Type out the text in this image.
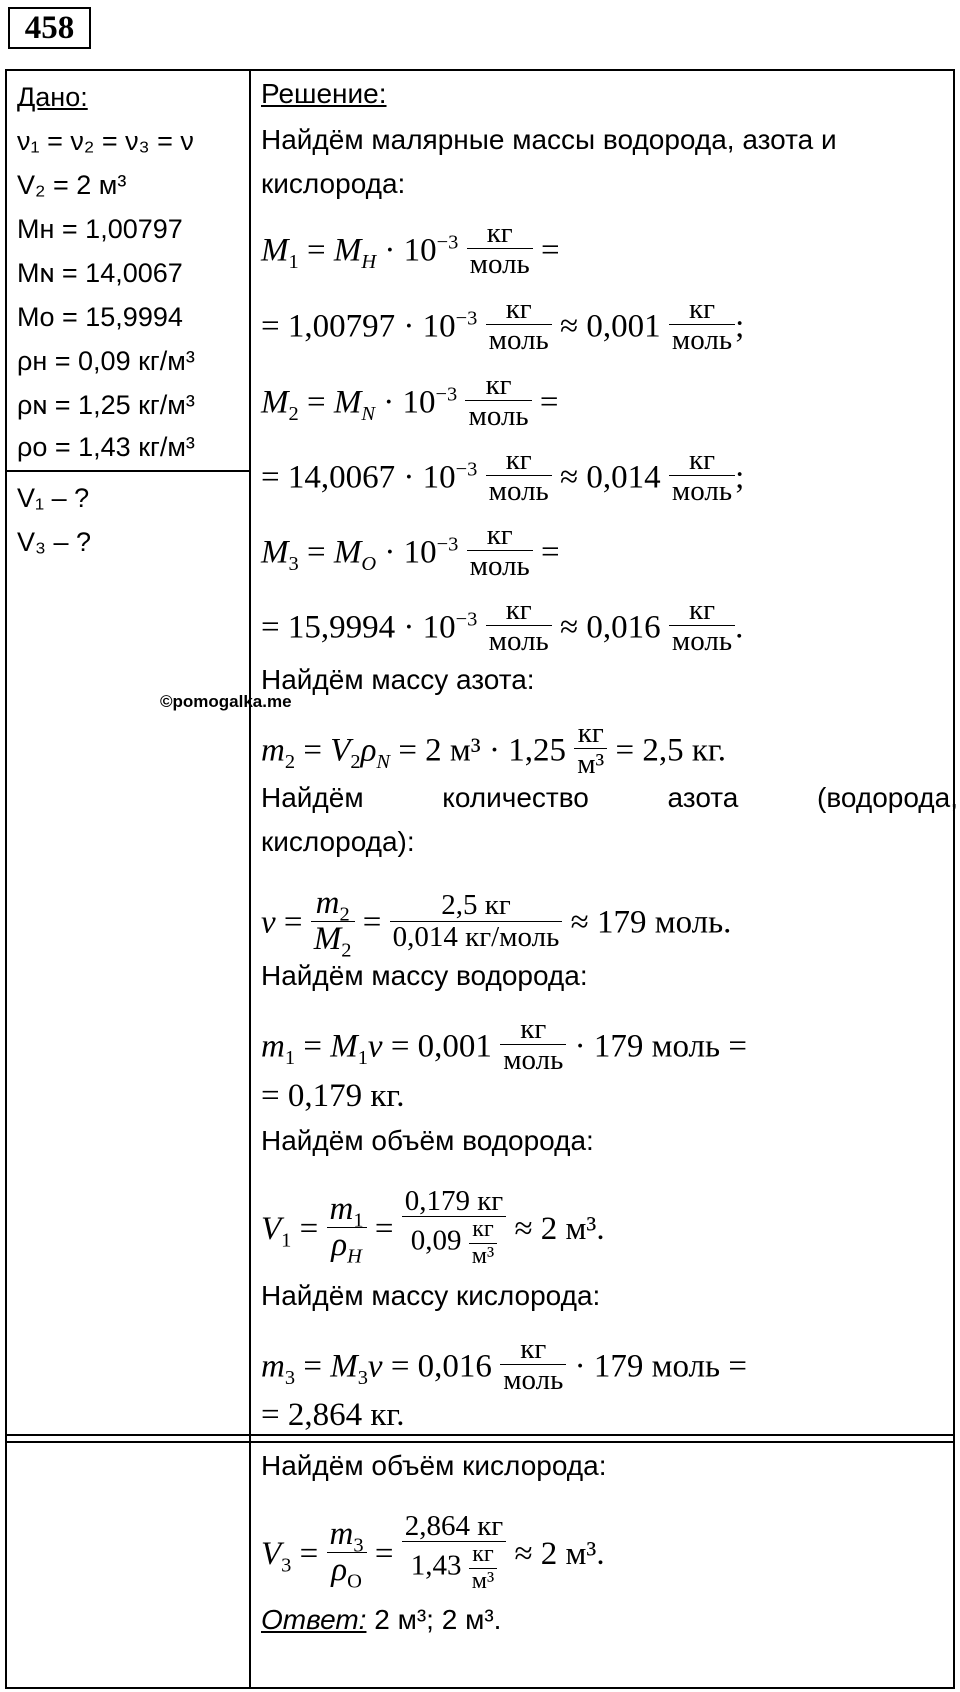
458
©pomogalka.me
Дано:
ν₁ = ν₂ = ν₃ = ν
V₂ = 2 м³
Mн = 1,00797
Mɴ = 14,0067
Mᴏ = 15,9994
ρн = 0,09 кг/м³
ρɴ = 1,25 кг/м³
ρᴏ = 1,43 кг/м³
V₁ – ?
V₃ – ?
Решение:
Найдём малярные массы водорода, азота и
кислорода:
$M_1 = M_H \cdot 10^{-3} \frac{кг}{\text{моль}}$ =
= $1,00797 \cdot 10^{-3} \frac{кг}{\text{моль}} \approx 0,001 \frac{кг}{\text{моль}}$ ;
$M_2 = M_N \cdot 10^{-3} \frac{кг}{\text{моль}}$ =
= $14,0067 \cdot 10^{-3} \frac{кг}{\text{моль}} \approx 0,014 \frac{кг}{\text{моль}}$ ;
$M_3 = M_O \cdot 10^{-3} \frac{кг}{\text{моль}}$ =
= $15,9994 \cdot 10^{-3} \frac{кг}{\text{моль}} \approx 0,016 \frac{кг}{\text{моль}}$ .
Найдём массу азота:
$m_2 = V_2\rho_N = 2$ $м^3 \cdot 1,25 \frac{кг}{\text{м³}} = 2,5$ кг.
Найдём	количество	азота	(водорода,
кислорода):
$\nu = \frac{m_2}{M_2} = \frac{2,5 кг}{\text{0,014 кг/моль}} \approx 179$ моль.
Найдём массу водорода:
$m_1 = M_1\nu = 0,001 \frac{кг}{\text{моль}} \cdot 179$ моль =
= 0,179 кг.
Найдём объём водорода:
$V_1 = \frac{m_1}{\rho_H} = \frac{0,179 кг}{0,09 \frac{кг}{\text{м³}}} \approx 2$ м³.
Найдём массу кислорода:
$m_3 = M_3\nu = 0,016 \frac{кг}{\text{моль}} \cdot 179$ моль =
= 2,864 кг.
Найдём объём кислорода:
$V_3 = \frac{m_3}{\rho_O} = \frac{2,864 кг}{1,43 \frac{кг}{\text{м³}}} \approx 2$ м³.
Ответ: 2 м³; 2 м³.
